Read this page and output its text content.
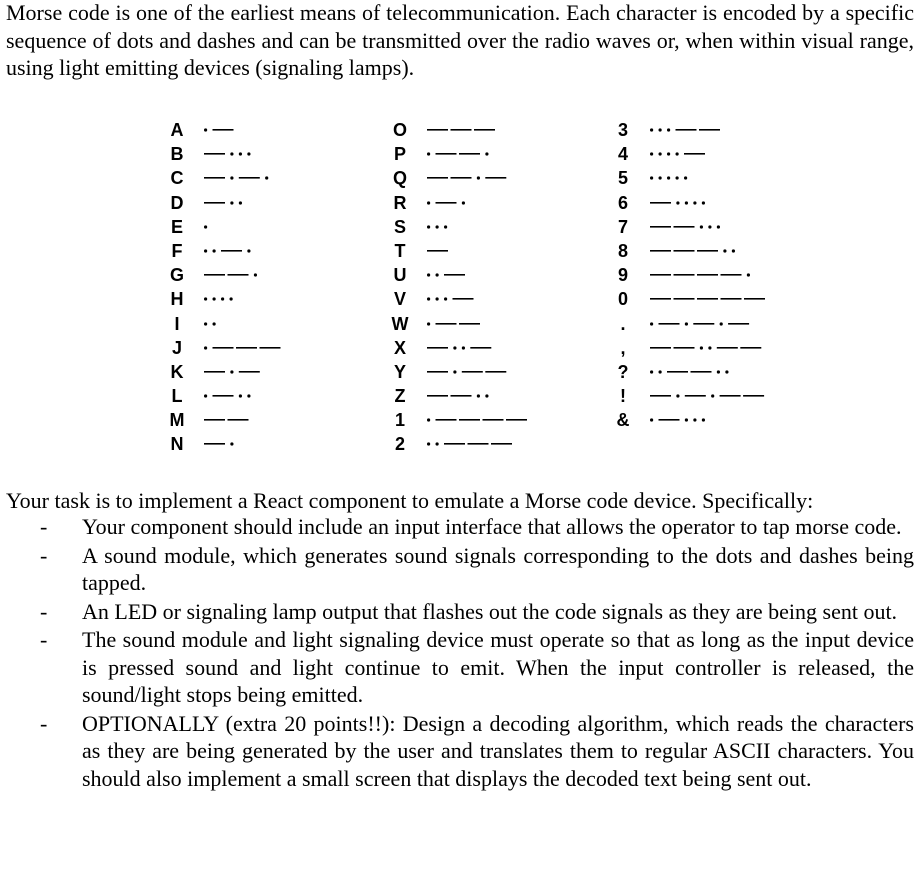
Morse code is one of the earliest means of telecommunication. Each character is encoded by a specific sequence of dots and dashes and can be transmitted over the radio waves or, when within visual range, using light emitting devices (signaling lamps).

A
B
C
D
E
F
G
H
I
J
K
L
M
N
O
P
Q
R
S
T
U
V
W
X
Y
Z
1
2
3
4
5
6
7
8
9
0
.
,
?
!
&

Your task is to implement a React component to emulate a Morse code device. Specifically:

- Your component should include an input interface that allows the operator to tap morse code.
- A sound module, which generates sound signals corresponding to the dots and dashes being tapped.
- An LED or signaling lamp output that flashes out the code signals as they are being sent out.
- The sound module and light signaling device must operate so that as long as the input device is pressed sound and light continue to emit. When the input controller is released, the sound/light stops being emitted.
- OPTIONALLY (extra 20 points!!): Design a decoding algorithm, which reads the characters as they are being generated by the user and translates them to regular ASCII characters. You should also implement a small screen that displays the decoded text being sent out.
